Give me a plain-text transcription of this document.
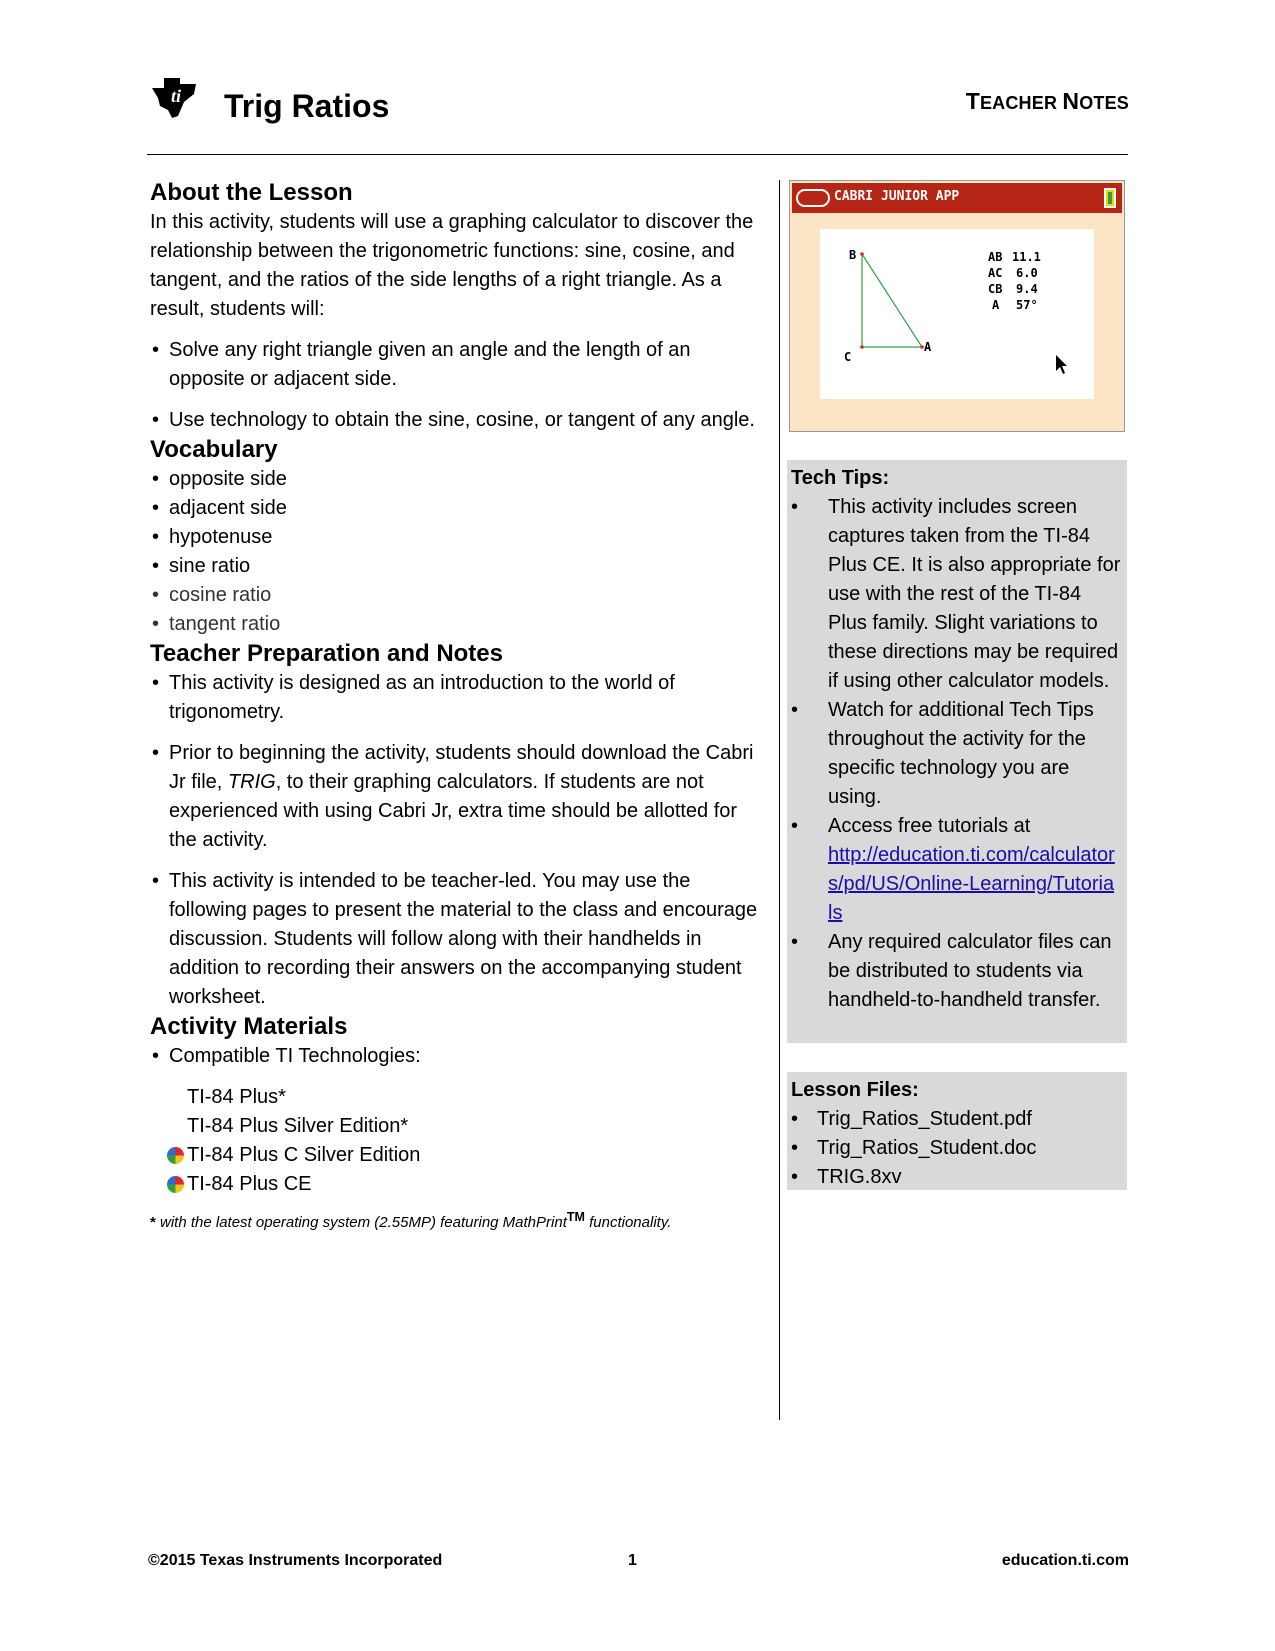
ti Trig Ratios	TEACHER NOTES
About the Lesson

In this activity, students will use a graphing calculator to discover the relationship between the trigonometric functions: sine, cosine, and tangent, and the ratios of the side lengths of a right triangle. As a result, students will:

• Solve any right triangle given an angle and the length of an opposite or adjacent side.
• Use technology to obtain the sine, cosine, or tangent of any angle.
Vocabulary
• opposite side
• adjacent side
• hypotenuse
• sine ratio
• cosine ratio
• tangent ratio
Teacher Preparation and Notes
• This activity is designed as an introduction to the world of trigonometry.
• Prior to beginning the activity, students should download the Cabri Jr file, TRIG, to their graphing calculators. If students are not experienced with using Cabri Jr, extra time should be allotted for the activity.
• This activity is intended to be teacher-led. You may use the following pages to present the material to the class and encourage discussion. Students will follow along with their handhelds in addition to recording their answers on the accompanying student worksheet.
Activity Materials
• Compatible TI Technologies:
TI-84 Plus*
TI-84 Plus Silver Edition*
TI-84 Plus C Silver Edition
TI-84 Plus CE
* with the latest operating system (2.55MP) featuring MathPrint™ functionality.
CABRI JUNIOR APP
B
C
A
AB 11.1
AC 6.0
CB 9.4
A 57°
Tech Tips:
• This activity includes screen captures taken from the TI-84 Plus CE. It is also appropriate for use with the rest of the TI-84 Plus family. Slight variations to these directions may be required if using other calculator models.
• Watch for additional Tech Tips throughout the activity for the specific technology you are using.
• Access free tutorials at

http://education.ti.com/calculators/pd/US/Online-Learning/Tutorials
• Any required calculator files can be distributed to students via handheld-to-handheld transfer.
Lesson Files:
• Trig_Ratios_Student.pdf
• Trig_Ratios_Student.doc
• TRIG.8xv
©2015 Texas Instruments Incorporated	1	education.ti.com
